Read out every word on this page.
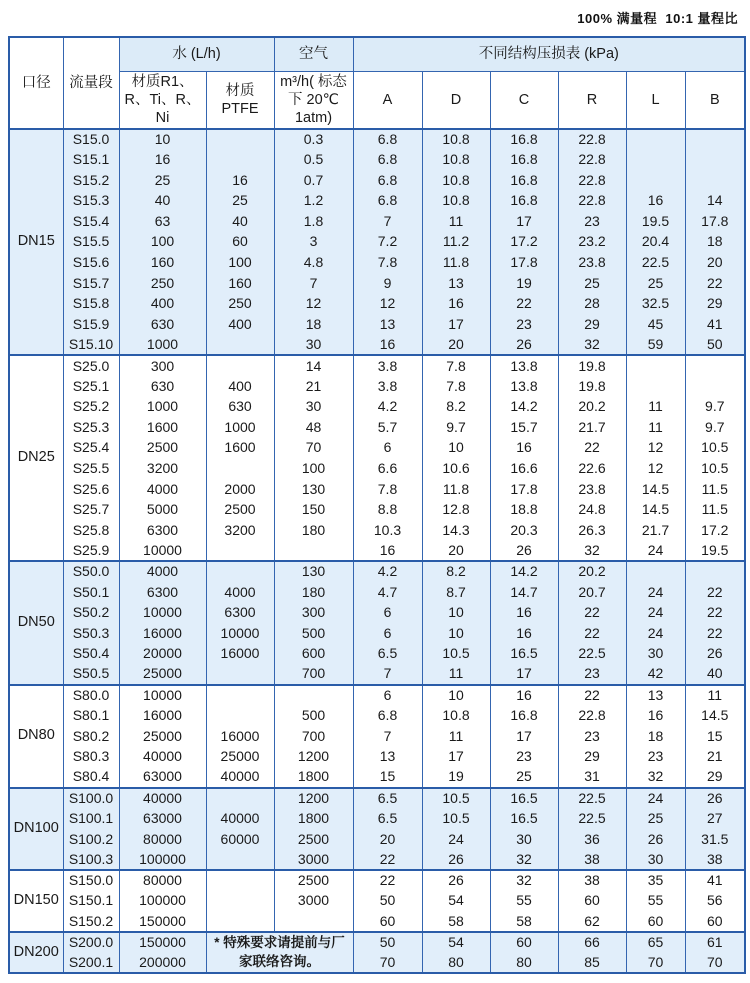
100% 满量程  10:1 量程比
口径	流量段	水 (L/h)		空气	不同结构压损表 (kPa)					
		材质R1、R、Ti、R、Ni	材质 PTFE	m³/h( 标态下 20℃ 1atm)	A	D	C	R	L	B
DN15	S15.0	10		0.3	6.8	10.8	16.8	22.8		
	S15.1	16		0.5	6.8	10.8	16.8	22.8		
	S15.2	25	16	0.7	6.8	10.8	16.8	22.8		
	S15.3	40	25	1.2	6.8	10.8	16.8	22.8	16	14
	S15.4	63	40	1.8	7	11	17	23	19.5	17.8
	S15.5	100	60	3	7.2	11.2	17.2	23.2	20.4	18
	S15.6	160	100	4.8	7.8	11.8	17.8	23.8	22.5	20
	S15.7	250	160	7	9	13	19	25	25	22
	S15.8	400	250	12	12	16	22	28	32.5	29
	S15.9	630	400	18	13	17	23	29	45	41
	S15.10	1000		30	16	20	26	32	59	50
DN25	S25.0	300		14	3.8	7.8	13.8	19.8		
	S25.1	630	400	21	3.8	7.8	13.8	19.8		
	S25.2	1000	630	30	4.2	8.2	14.2	20.2	11	9.7
	S25.3	1600	1000	48	5.7	9.7	15.7	21.7	11	9.7
	S25.4	2500	1600	70	6	10	16	22	12	10.5
	S25.5	3200		100	6.6	10.6	16.6	22.6	12	10.5
	S25.6	4000	2000	130	7.8	11.8	17.8	23.8	14.5	11.5
	S25.7	5000	2500	150	8.8	12.8	18.8	24.8	14.5	11.5
	S25.8	6300	3200	180	10.3	14.3	20.3	26.3	21.7	17.2
	S25.9	10000			16	20	26	32	24	19.5
DN50	S50.0	4000		130	4.2	8.2	14.2	20.2		
	S50.1	6300	4000	180	4.7	8.7	14.7	20.7	24	22
	S50.2	10000	6300	300	6	10	16	22	24	22
	S50.3	16000	10000	500	6	10	16	22	24	22
	S50.4	20000	16000	600	6.5	10.5	16.5	22.5	30	26
	S50.5	25000		700	7	11	17	23	42	40
DN80	S80.0	10000			6	10	16	22	13	11
	S80.1	16000		500	6.8	10.8	16.8	22.8	16	14.5
	S80.2	25000	16000	700	7	11	17	23	18	15
	S80.3	40000	25000	1200	13	17	23	29	23	21
	S80.4	63000	40000	1800	15	19	25	31	32	29
DN100	S100.0	40000		1200	6.5	10.5	16.5	22.5	24	26
	S100.1	63000	40000	1800	6.5	10.5	16.5	22.5	25	27
	S100.2	80000	60000	2500	20	24	30	36	26	31.5
	S100.3	100000		3000	22	26	32	38	30	38
DN150	S150.0	80000		2500	22	26	32	38	35	41
	S150.1	100000		3000	50	54	55	60	55	56
	S150.2	150000			60	58	58	62	60	60
DN200	S200.0	150000	* 特殊要求请提前与厂家联络咨询。		50	54	60	66	65	61
	S200.1	200000			70	80	80	85	70	70
